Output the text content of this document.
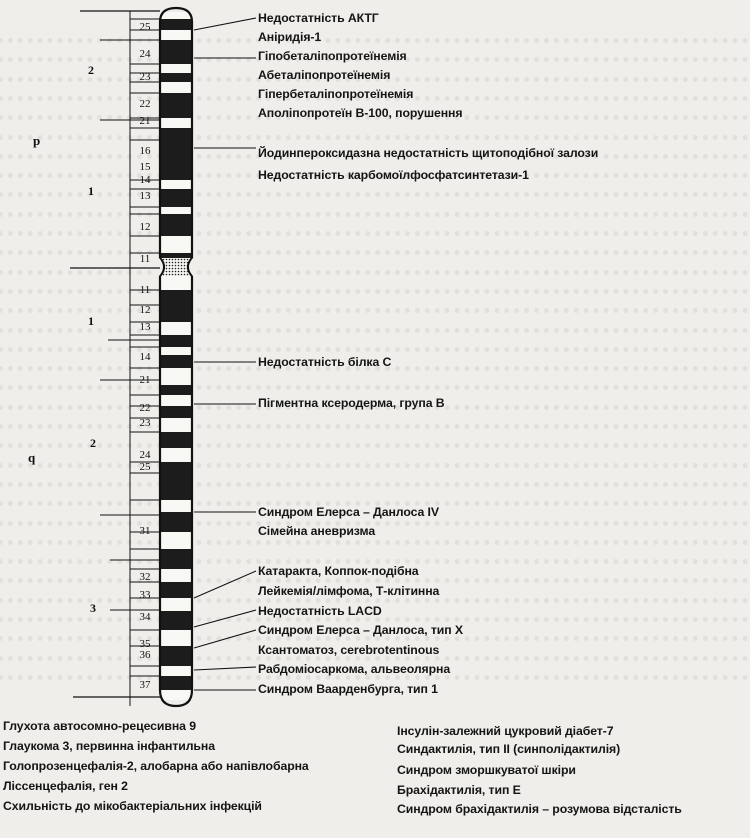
p
q
2
1
1
2
3
25
24
23
22
21
16
15
14
13
12
11
11
12
13
14
21
22
23
24
25
31
32
33
34
35
36
37
Недостатність АКТГ
Анiридiя-1
Гiпобеталiпопротеїнемiя
Абеталiпопротеїнемiя
Гiпербеталiпопротеїнемiя
Аполiпопротеїн В-100, порушення
Йодинпероксидазна недостатнiсть щитоподiбної залози
Недостатнiсть карбомоїлфосфатсинтетази-1
Недостатнiсть бiлка С
Пiгментна ксеродерма, група В
Синдром Елерса – Данлоса IV
Сiмейна аневризма
Катаракта, Коппок-подiбна
Лейкемiя/лiмфома, Т-клiтинна
Недостатнiсть LACD
Синдром Елерса – Данлоса, тип Х
Ксантоматоз, cerebrotentinous
Рабдомiосаркома, альвеолярна
Синдром Ваарденбурга, тип 1
Глухота автосомно-рецесивна 9
Глаукома 3, первинна iнфантильна
Голопрозенцефалiя-2, алобарна або напiвлобарна
Лiссенцефалiя, ген 2
Схильнiсть до мiкобактерiальних iнфекцiй
Iнсулiн-залежний цукровий дiабет-7
Синдактилiя, тип II (синполiдактилiя)
Синдром зморшкуватої шкiри
Брахiдактилiя, тип Е
Синдром брахiдактилiя – розумова вiдсталiсть
